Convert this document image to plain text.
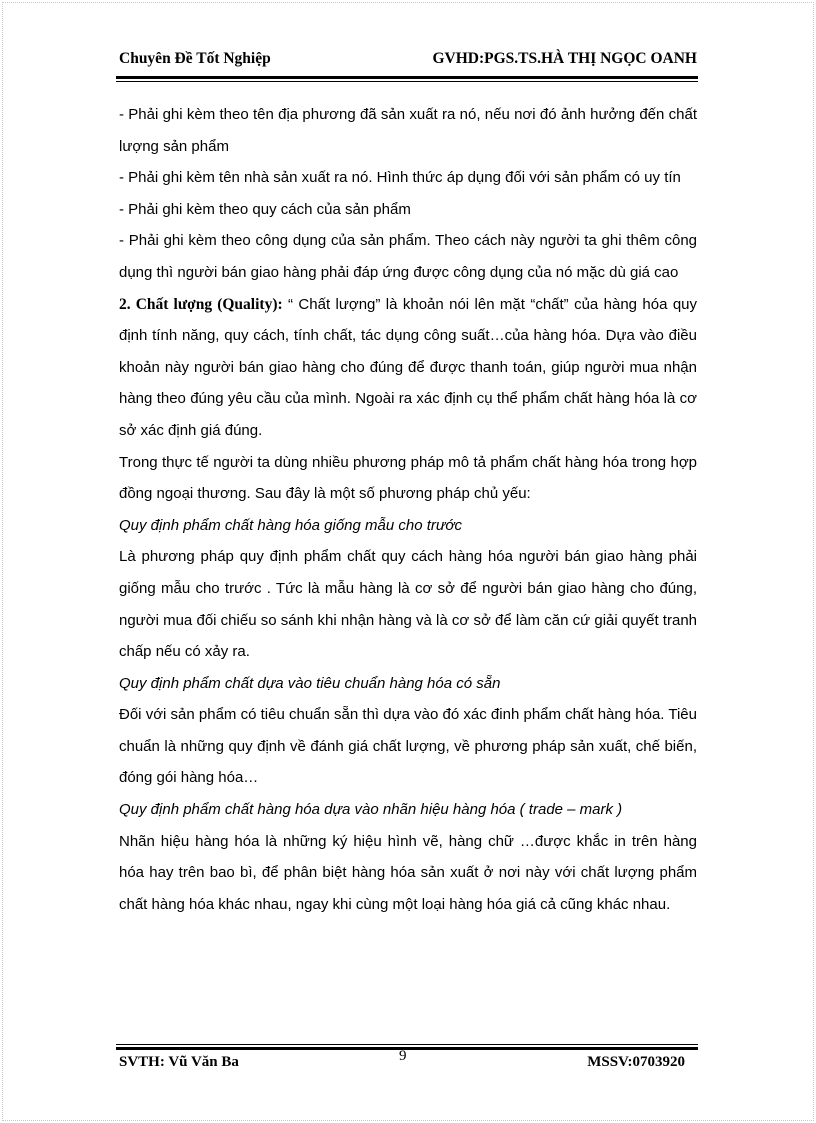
Chuyên Đề Tốt Nghiệp	GVHD:PGS.TS.HÀ THỊ NGỌC OANH

- Phải ghi kèm theo tên địa phương đã sản xuất ra nó, nếu nơi đó ảnh hưởng đến chất lượng sản phẩm

- Phải ghi kèm tên nhà sản xuất ra nó. Hình thức áp dụng đối với sản phẩm có uy tín

- Phải ghi kèm theo quy cách của sản phẩm

- Phải ghi kèm theo công dụng của sản phẩm. Theo cách này người ta ghi thêm công dụng thì người bán giao hàng phải đáp ứng được công dụng của nó mặc dù giá cao

2. Chất lượng (Quality): “ Chất lượng” là khoản nói lên mặt “chất” của hàng hóa quy định tính năng, quy cách, tính chất, tác dụng công suất…của hàng hóa. Dựa vào điều khoản này người bán giao hàng cho đúng để được thanh toán, giúp người mua nhận hàng theo đúng yêu cầu của mình. Ngoài ra xác định cụ thể phẩm chất hàng hóa là cơ sở xác định giá đúng.

Trong thực tế người ta dùng nhiều phương pháp mô tả phẩm chất hàng hóa trong hợp đồng ngoại thương. Sau đây là một số phương pháp chủ yếu:

Quy định phẩm chất hàng hóa giống mẫu cho trước

Là phương pháp quy định phẩm chất quy cách hàng hóa người bán giao hàng phải giống mẫu cho trước . Tức là mẫu hàng là cơ sở để người bán giao hàng cho đúng, người mua đối chiếu so sánh khi nhận hàng và là cơ sở để làm căn cứ giải quyết tranh chấp nếu có xảy ra.

Quy định phẩm chất dựa vào tiêu chuẩn hàng hóa có sẵn

Đối với sản phẩm có tiêu chuẩn sẵn thì dựa vào đó xác đinh phẩm chất hàng hóa. Tiêu chuẩn là những quy định về đánh giá chất lượng, về phương pháp sản xuất, chế biến, đóng gói hàng hóa…

Quy định phẩm chất hàng hóa dựa vào nhãn hiệu hàng hóa ( trade – mark )

Nhãn hiệu hàng hóa là những ký hiệu hình vẽ, hàng chữ …được khắc in trên hàng hóa hay trên bao bì, để phân biệt hàng hóa sản xuất ở nơi này với chất lượng phẩm chất hàng hóa khác nhau, ngay khi cùng một loại hàng hóa giá cả cũng khác nhau.

SVTH: Vũ Văn Ba	9	MSSV:0703920
